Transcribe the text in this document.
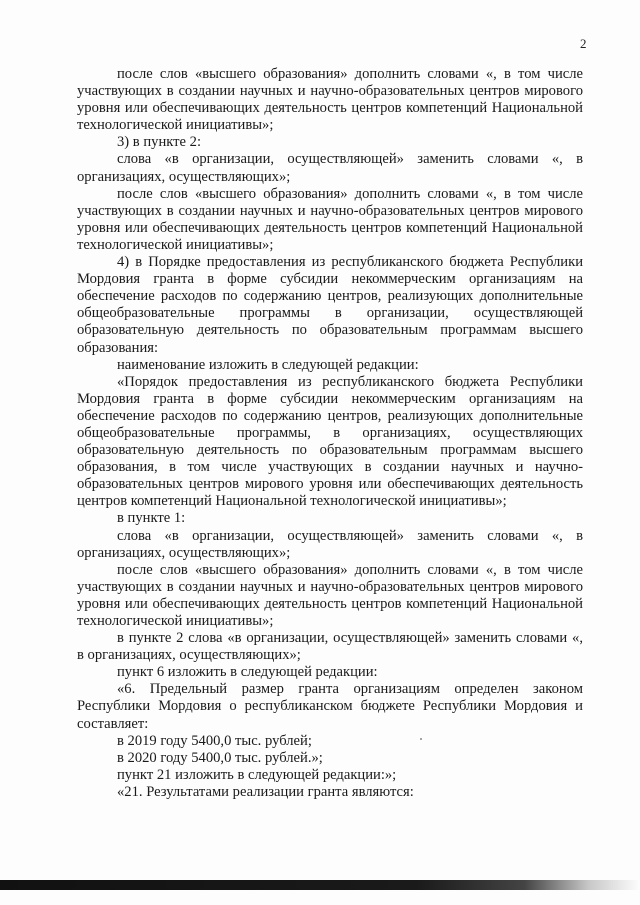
2

после слов «высшего образования» дополнить словами «, в том числе участвующих в создании научных и научно-образовательных центров мирового уровня или обеспечивающих деятельность центров компетенций Национальной технологической инициативы»;

3) в пункте 2:

слова «в организации, осуществляющей» заменить словами «, в организациях, осуществляющих»;

после слов «высшего образования» дополнить словами «, в том числе участвующих в создании научных и научно-образовательных центров мирового уровня или обеспечивающих деятельность центров компетенций Национальной технологической инициативы»;

4) в Порядке предоставления из республиканского бюджета Республики Мордовия гранта в форме субсидии некоммерческим организациям на обеспечение расходов по содержанию центров, реализующих дополнительные общеобразовательные программы в организации, осуществляющей образовательную деятельность по образовательным программам высшего образования:

наименование изложить в следующей редакции:

«Порядок предоставления из республиканского бюджета Республики Мордовия гранта в форме субсидии некоммерческим организациям на обеспечение расходов по содержанию центров, реализующих дополнительные общеобразовательные программы, в организациях, осуществляющих образовательную деятельность по образовательным программам высшего образования, в том числе участвующих в создании научных и научно-образовательных центров мирового уровня или обеспечивающих деятельность центров компетенций Национальной технологической инициативы»;

в пункте 1:

слова «в организации, осуществляющей» заменить словами «, в организациях, осуществляющих»;

после слов «высшего образования» дополнить словами «, в том числе участвующих в создании научных и научно-образовательных центров мирового уровня или обеспечивающих деятельность центров компетенций Национальной технологической инициативы»;

в пункте 2 слова «в организации, осуществляющей» заменить словами «, в организациях, осуществляющих»;

пункт 6 изложить в следующей редакции:

«6. Предельный размер гранта организациям определен законом Республики Мордовия о республиканском бюджете Республики Мордовия и составляет:

в 2019 году 5400,0 тыс. рублей;

в 2020 году 5400,0 тыс. рублей.»;

пункт 21 изложить в следующей редакции:»;

«21. Результатами реализации гранта являются:
